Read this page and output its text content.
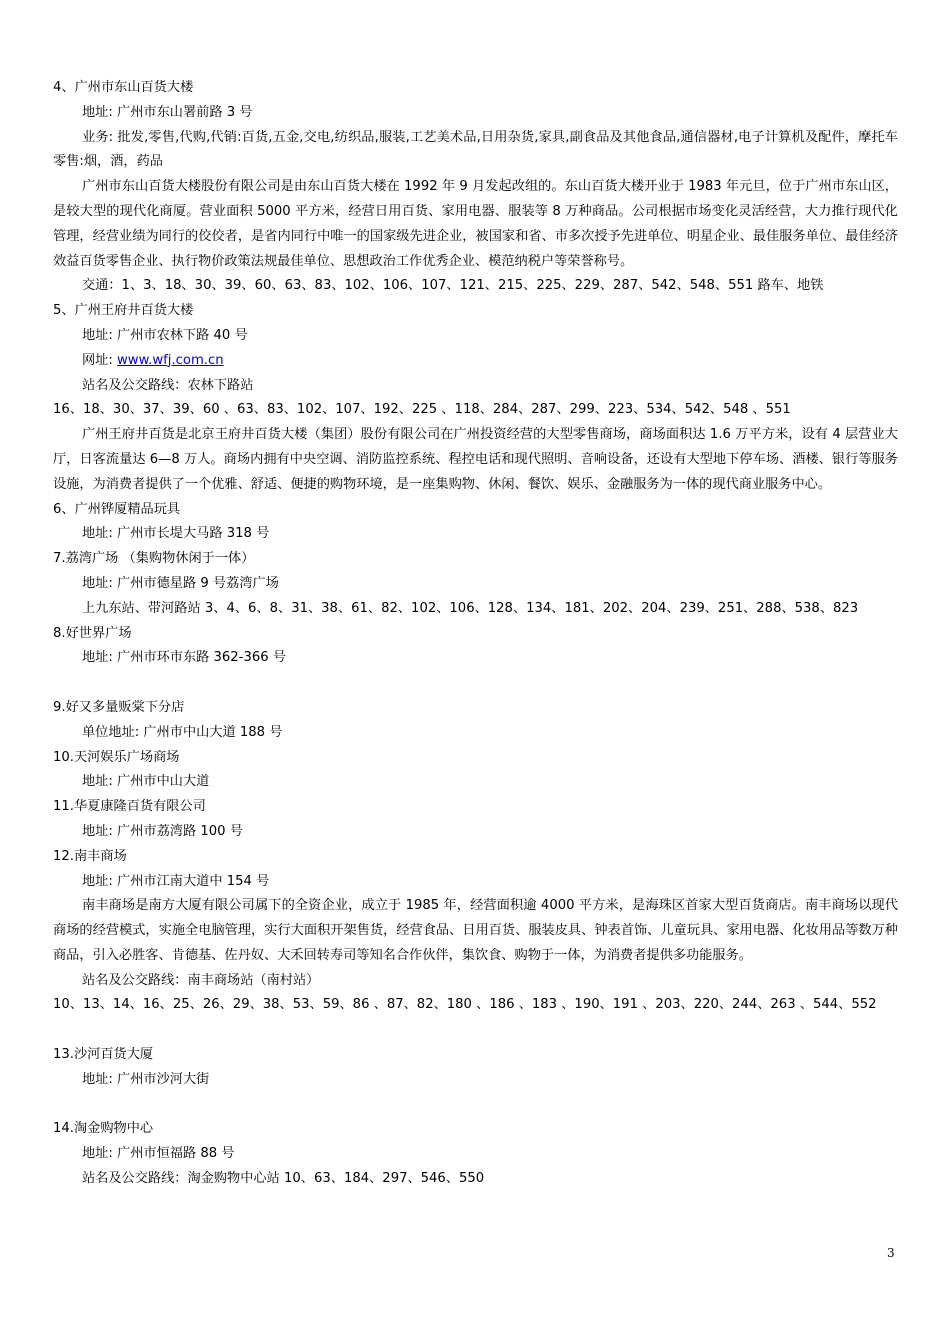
4、广州市东山百货大楼
地址: 广州市东山署前路 3 号
业务: 批发,零售,代购,代销:百货,五金,交电,纺织品,服装,工艺美术品,日用杂货,家具,副食品及其他食品,通信器材,电子计算机及配件，摩托车零售:烟，酒，药品
广州市东山百货大楼股份有限公司是由东山百货大楼在 1992 年 9 月发起改组的。东山百货大楼开业于 1983 年元旦，位于广州市东山区，是较大型的现代化商厦。营业面积 5000 平方米，经营日用百货、家用电器、服装等 8 万种商品。公司根据市场变化灵活经营，大力推行现代化管理，经营业绩为同行的佼佼者，是省内同行中唯一的国家级先进企业，被国家和省、市多次授予先进单位、明星企业、最佳服务单位、最佳经济效益百货零售企业、执行物价政策法规最佳单位、思想政治工作优秀企业、模范纳税户等荣誉称号。
交通：1、3、18、30、39、60、63、83、102、106、107、121、215、225、229、287、542、548、551 路车、地铁
5、广州王府井百货大楼
地址: 广州市农林下路 40 号
网址: www.wfj.com.cn
站名及公交路线：农林下路站
16、18、30、37、39、60 、63、83、102、107、192、225 、118、284、287、299、223、534、542、548 、551
广州王府井百货是北京王府井百货大楼（集团）股份有限公司在广州投资经营的大型零售商场，商场面积达 1.6 万平方米，设有 4 层营业大厅，日客流量达 6—8 万人。商场内拥有中央空调、消防监控系统、程控电话和现代照明、音响设备，还设有大型地下停车场、酒楼、银行等服务设施，为消费者提供了一个优雅、舒适、便捷的购物环境，是一座集购物、休闲、餐饮、娱乐、金融服务为一体的现代商业服务中心。
6、广州铧厦精品玩具
地址: 广州市长堤大马路 318 号
7.荔湾广场 （集购物休闲于一体）
地址: 广州市德星路 9 号荔湾广场
上九东站、带河路站 3、4、6、8、31、38、61、82、102、106、128、134、181、202、204、239、251、288、538、823
8.好世界广场
地址: 广州市环市东路 362-366 号
9.好又多量贩棠下分店
单位地址: 广州市中山大道 188 号
10.天河娱乐广场商场
地址: 广州市中山大道
11.华夏康隆百货有限公司
地址: 广州市荔湾路 100 号
12.南丰商场
地址: 广州市江南大道中 154 号
南丰商场是南方大厦有限公司属下的全资企业，成立于 1985 年，经营面积逾 4000 平方米，是海珠区首家大型百货商店。南丰商场以现代商场的经营模式，实施全电脑管理，实行大面积开架售货，经营食品、日用百货、服装皮具、钟表首饰、儿童玩具、家用电器、化妆用品等数万种商品，引入必胜客、肯德基、佐丹奴、大禾回转寿司等知名合作伙伴，集饮食、购物于一体，为消费者提供多功能服务。
站名及公交路线：南丰商场站（南村站）
10、13、14、16、25、26、29、38、53、59、86 、87、82、180 、186 、183 、190、191 、203、220、244、263 、544、552
13.沙河百货大厦
地址: 广州市沙河大街
14.淘金购物中心
地址: 广州市恒福路 88 号
站名及公交路线：淘金购物中心站 10、63、184、297、546、550
3
